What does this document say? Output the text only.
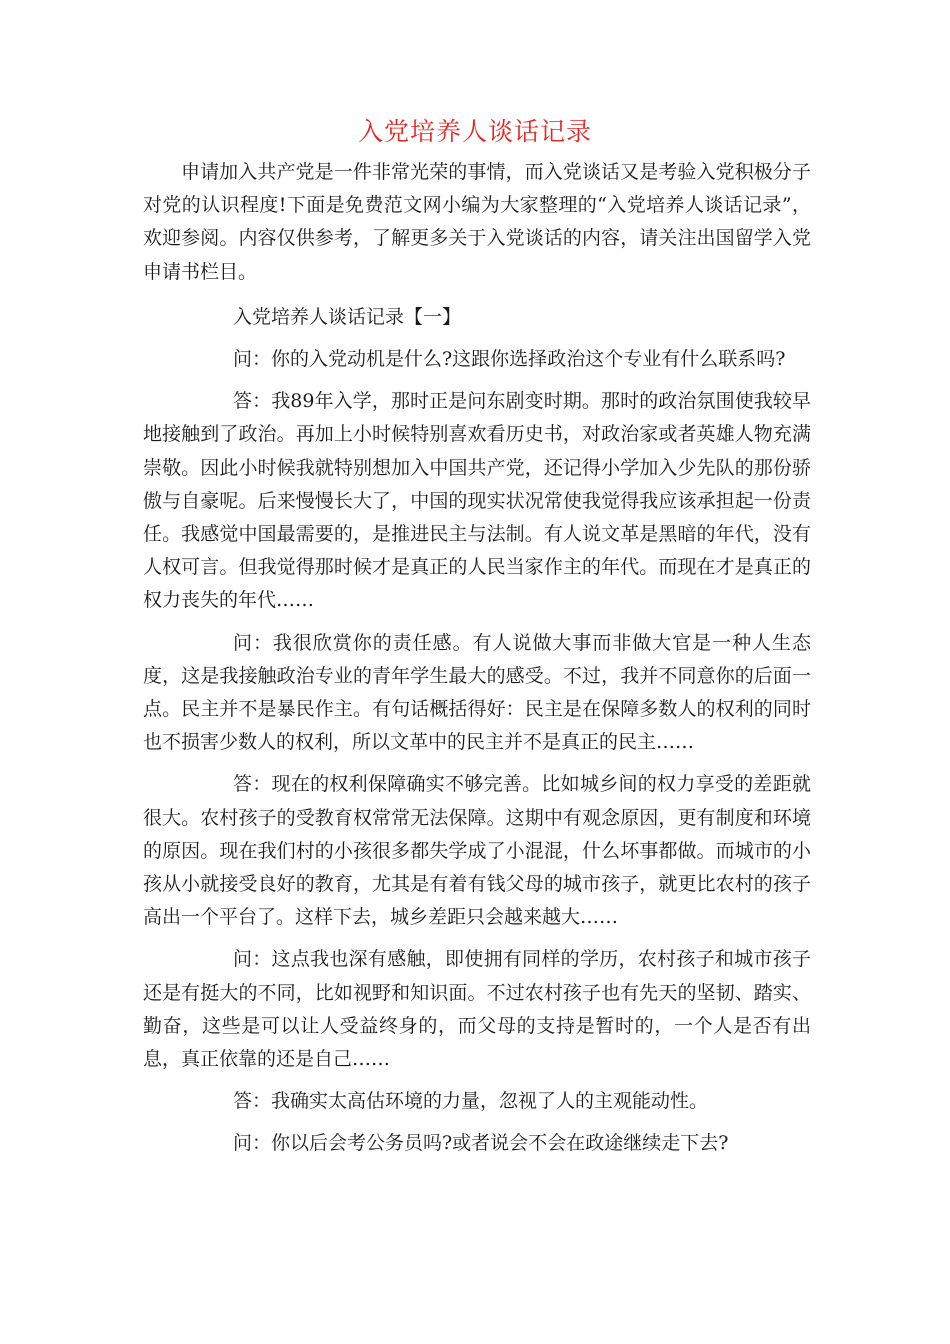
入党培养人谈话记录

申请加入共产党是一件非常光荣的事情，而入党谈话又是考验入党积极分子对党的认识程度!下面是免费范文网小编为大家整理的“入党培养人谈话记录”，欢迎参阅。内容仅供参考，了解更多关于入党谈话的内容，请关注出国留学入党申请书栏目。

入党培养人谈话记录【一】

问：你的入党动机是什么?这跟你选择政治这个专业有什么联系吗?

答：我89年入学，那时正是问东剧变时期。那时的政治氛围使我较早地接触到了政治。再加上小时候特别喜欢看历史书，对政治家或者英雄人物充满崇敬。因此小时候我就特别想加入中国共产党，还记得小学加入少先队的那份骄傲与自豪呢。后来慢慢长大了，中国的现实状况常使我觉得我应该承担起一份责任。我感觉中国最需要的，是推进民主与法制。有人说文革是黑暗的年代，没有人权可言。但我觉得那时候才是真正的人民当家作主的年代。而现在才是真正的权力丧失的年代……

问：我很欣赏你的责任感。有人说做大事而非做大官是一种人生态度，这是我接触政治专业的青年学生最大的感受。不过，我并不同意你的后面一点。民主并不是暴民作主。有句话概括得好：民主是在保障多数人的权利的同时也不损害少数人的权利，所以文革中的民主并不是真正的民主……

答：现在的权利保障确实不够完善。比如城乡间的权力享受的差距就很大。农村孩子的受教育权常常无法保障。这期中有观念原因，更有制度和环境的原因。现在我们村的小孩很多都失学成了小混混，什么坏事都做。而城市的小孩从小就接受良好的教育，尤其是有着有钱父母的城市孩子，就更比农村的孩子高出一个平台了。这样下去，城乡差距只会越来越大……

问：这点我也深有感触，即使拥有同样的学历，农村孩子和城市孩子还是有挺大的不同，比如视野和知识面。不过农村孩子也有先天的坚韧、踏实、勤奋，这些是可以让人受益终身的，而父母的支持是暂时的，一个人是否有出息，真正依靠的还是自己……

答：我确实太高估环境的力量，忽视了人的主观能动性。

问：你以后会考公务员吗?或者说会不会在政途继续走下去?
